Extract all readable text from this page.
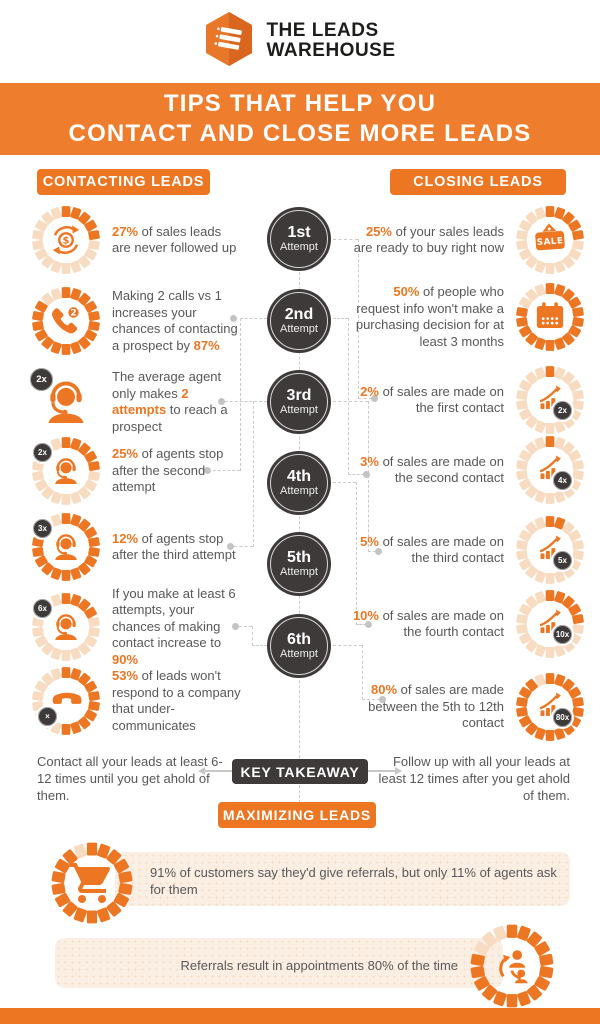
THE LEADS
WAREHOUSE
TIPS THAT HELP YOU
CONTACT AND CLOSE MORE LEADS
CONTACTING LEADS	CLOSING LEADS
1st
Attempt
2nd
Attempt
3rd
Attempt
4th
Attempt
5th
Attempt
6th
Attempt
$
27% of sales leads are never followed up
2
Making 2 calls vs 1 increases your chances of contacting a prospect by 87%
2x	The average agent only makes 2 attempts to reach a prospect
2x	25% of agents stop after the second attempt
3x
12% of agents stop after the third attempt
6x
If you make at least 6 attempts, your chances of making contact increase to 90%
×
53% of leads won't respond to a company that under-communicates
SALE
25% of your sales leads are ready to buy right now
50% of people who request info won't make a purchasing decision for at least 3 months
2x
2% of sales are made on the first contact
4x
3% of sales are made on the second contact
5x
5% of sales are made on the third contact
10x
10% of sales are made on the fourth contact
80x
80% of sales are made between the 5th to 12th contact
KEY TAKEAWAY
MAXIMIZING LEADS
Contact all your leads at least 6-12 times until you get ahold of them.
Follow up with all your leads at least 12 times after you get ahold of them.
91% of customers say they'd give referrals, but only 11% of agents ask for them
Referrals result in appointments 80% of the time
